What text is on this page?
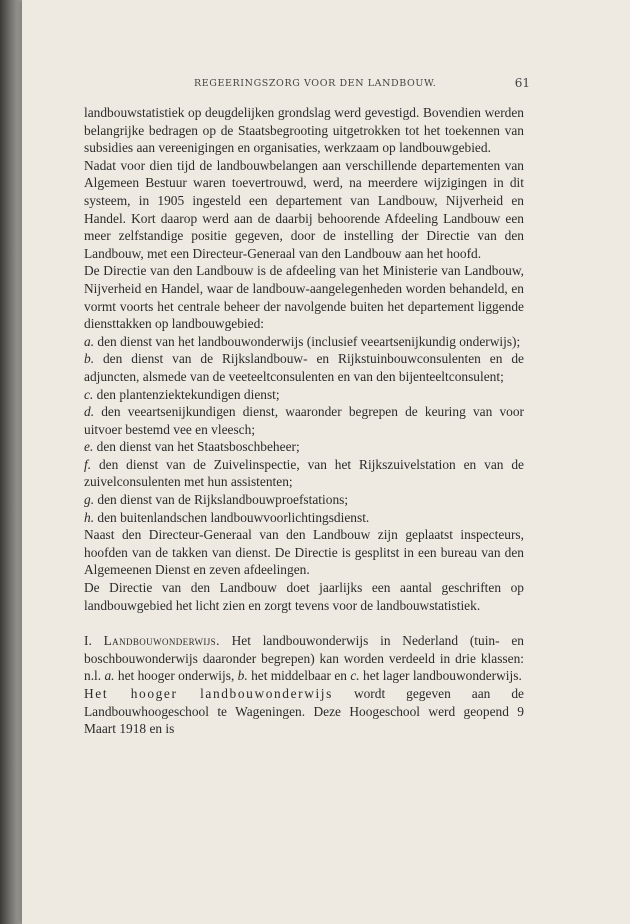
REGEERINGSZORG VOOR DEN LANDBOUW.	61

landbouwstatistiek op deugdelijken grondslag werd gevestigd. Bovendien werden belangrijke bedragen op de Staatsbegrooting uitgetrokken tot het toekennen van subsidies aan vereenigingen en organisaties, werkzaam op landbouwgebied.

Nadat voor dien tijd de landbouwbelangen aan verschillende departementen van Algemeen Bestuur waren toevertrouwd, werd, na meerdere wijzigingen in dit systeem, in 1905 ingesteld een departement van Landbouw, Nijverheid en Handel. Kort daarop werd aan de daarbij behoorende Afdeeling Landbouw een meer zelfstandige positie gegeven, door de instelling der Directie van den Landbouw, met een Directeur-Generaal van den Landbouw aan het hoofd.

De Directie van den Landbouw is de afdeeling van het Ministerie van Landbouw, Nijverheid en Handel, waar de landbouw-aangelegenheden worden behandeld, en vormt voorts het centrale beheer der navolgende buiten het departement liggende diensttakken op landbouwgebied:

a. den dienst van het landbouwonderwijs (inclusief veeartsenijkundig onderwijs);

b. den dienst van de Rijkslandbouw- en Rijkstuinbouwconsulenten en de adjuncten, alsmede van de veeteeltconsulenten en van den bijenteeltconsulent;

c. den plantenziektekundigen dienst;

d. den veeartsenijkundigen dienst, waaronder begrepen de keuring van voor uitvoer bestemd vee en vleesch;

e. den dienst van het Staatsboschbeheer;

f. den dienst van de Zuivelinspectie, van het Rijkszuivelstation en van de zuivelconsulenten met hun assistenten;

g. den dienst van de Rijkslandbouwproefstations;

h. den buitenlandschen landbouwvoorlichtingsdienst.

Naast den Directeur-Generaal van den Landbouw zijn geplaatst inspecteurs, hoofden van de takken van dienst. De Directie is gesplitst in een bureau van den Algemeenen Dienst en zeven afdeelingen.

De Directie van den Landbouw doet jaarlijks een aantal geschriften op landbouwgebied het licht zien en zorgt tevens voor de landbouwstatistiek.

I. Landbouwonderwijs. Het landbouwonderwijs in Nederland (tuin- en boschbouwonderwijs daaronder begrepen) kan worden verdeeld in drie klassen: n.l. a. het hooger onderwijs, b. het middelbaar en c. het lager landbouwonderwijs.

Het hooger landbouwonderwijs wordt gegeven aan de Landbouwhoogeschool te Wageningen. Deze Hoogeschool werd geopend 9 Maart 1918 en is
